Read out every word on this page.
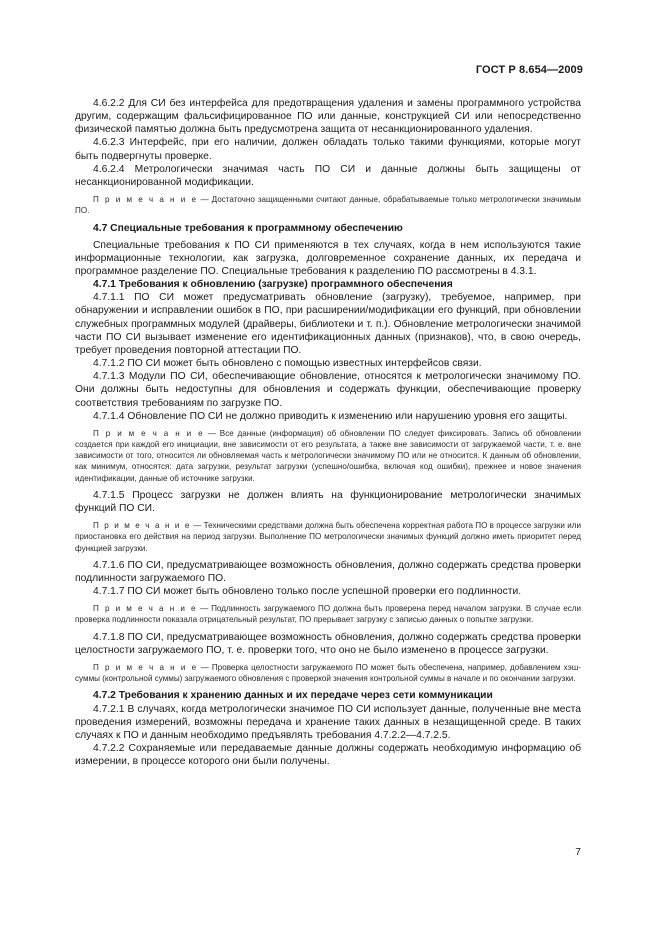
ГОСТ Р 8.654—2009

4.6.2.2 Для СИ без интерфейса для предотвращения удаления и замены программного устройства другим, содержащим фальсифицированное ПО или данные, конструкцией СИ или непосредственно физической памятью должна быть предусмотрена защита от несанкционированного удаления.

4.6.2.3 Интерфейс, при его наличии, должен обладать только такими функциями, которые могут быть подвергнуты проверке.

4.6.2.4 Метрологически значимая часть ПО СИ и данные должны быть защищены от несанкционированной модификации.

П р и м е ч а н и е — Достаточно защищенными считают данные, обрабатываемые только метрологически значимым ПО.

4.7 Специальные требования к программному обеспечению

Специальные требования к ПО СИ применяются в тех случаях, когда в нем используются такие информационные технологии, как загрузка, долговременное сохранение данных, их передача и программное разделение ПО. Специальные требования к разделению ПО рассмотрены в 4.3.1.

4.7.1 Требования к обновлению (загрузке) программного обеспечения

4.7.1.1 ПО СИ может предусматривать обновление (загрузку), требуемое, например, при обнаружении и исправлении ошибок в ПО, при расширении/модификации его функций, при обновлении служебных программных модулей (драйверы, библиотеки и т. п.). Обновление метрологически значимой части ПО СИ вызывает изменение его идентификационных данных (признаков), что, в свою очередь, требует проведения повторной аттестации ПО.

4.7.1.2 ПО СИ может быть обновлено с помощью известных интерфейсов связи.

4.7.1.3 Модули ПО СИ, обеспечивающие обновление, относятся к метрологически значимому ПО. Они должны быть недоступны для обновления и содержать функции, обеспечивающие проверку соответствия требованиям по загрузке ПО.

4.7.1.4 Обновление ПО СИ не должно приводить к изменению или нарушению уровня его защиты.

П р и м е ч а н и е — Все данные (информация) об обновлении ПО следует фиксировать. Запись об обновлении создается при каждой его инициации, вне зависимости от его результата, а также вне зависимости от загружаемой части, т. е. вне зависимости от того, относится ли обновляемая часть к метрологически значимому ПО или не относится. К данным об обновлении, как минимум, относятся: дата загрузки, результат загрузки (успешно/ошибка, включая код ошибки), прежнее и новое значения идентификации, данные об источнике загрузки.

4.7.1.5 Процесс загрузки не должен влиять на функционирование метрологически значимых функций ПО СИ.

П р и м е ч а н и е — Техническими средствами должна быть обеспечена корректная работа ПО в процессе загрузки или приостановка его действия на период загрузки. Выполнение ПО метрологически значимых функций должно иметь приоритет перед функцией загрузки.

4.7.1.6 ПО СИ, предусматривающее возможность обновления, должно содержать средства проверки подлинности загружаемого ПО.

4.7.1.7 ПО СИ может быть обновлено только после успешной проверки его подлинности.

П р и м е ч а н и е — Подлинность загружаемого ПО должна быть проверена перед началом загрузки. В случае если проверка подлинности показала отрицательный результат, ПО прерывает загрузку с записью данных о попытке загрузки.

4.7.1.8 ПО СИ, предусматривающее возможность обновления, должно содержать средства проверки целостности загружаемого ПО, т. е. проверки того, что оно не было изменено в процессе загрузки.

П р и м е ч а н и е — Проверка целостности загружаемого ПО может быть обеспечена, например, добавлением хэш-суммы (контрольной суммы) загружаемого обновления с проверкой значения контрольной суммы в начале и по окончании загрузки.

4.7.2 Требования к хранению данных и их передаче через сети коммуникации

4.7.2.1 В случаях, когда метрологически значимое ПО СИ использует данные, полученные вне места проведения измерений, возможны передача и хранение таких данных в незащищенной среде. В таких случаях к ПО и данным необходимо предъявлять требования 4.7.2.2—4.7.2.5.

4.7.2.2 Сохраняемые или передаваемые данные должны содержать необходимую информацию об измерении, в процессе которого они были получены.

7
